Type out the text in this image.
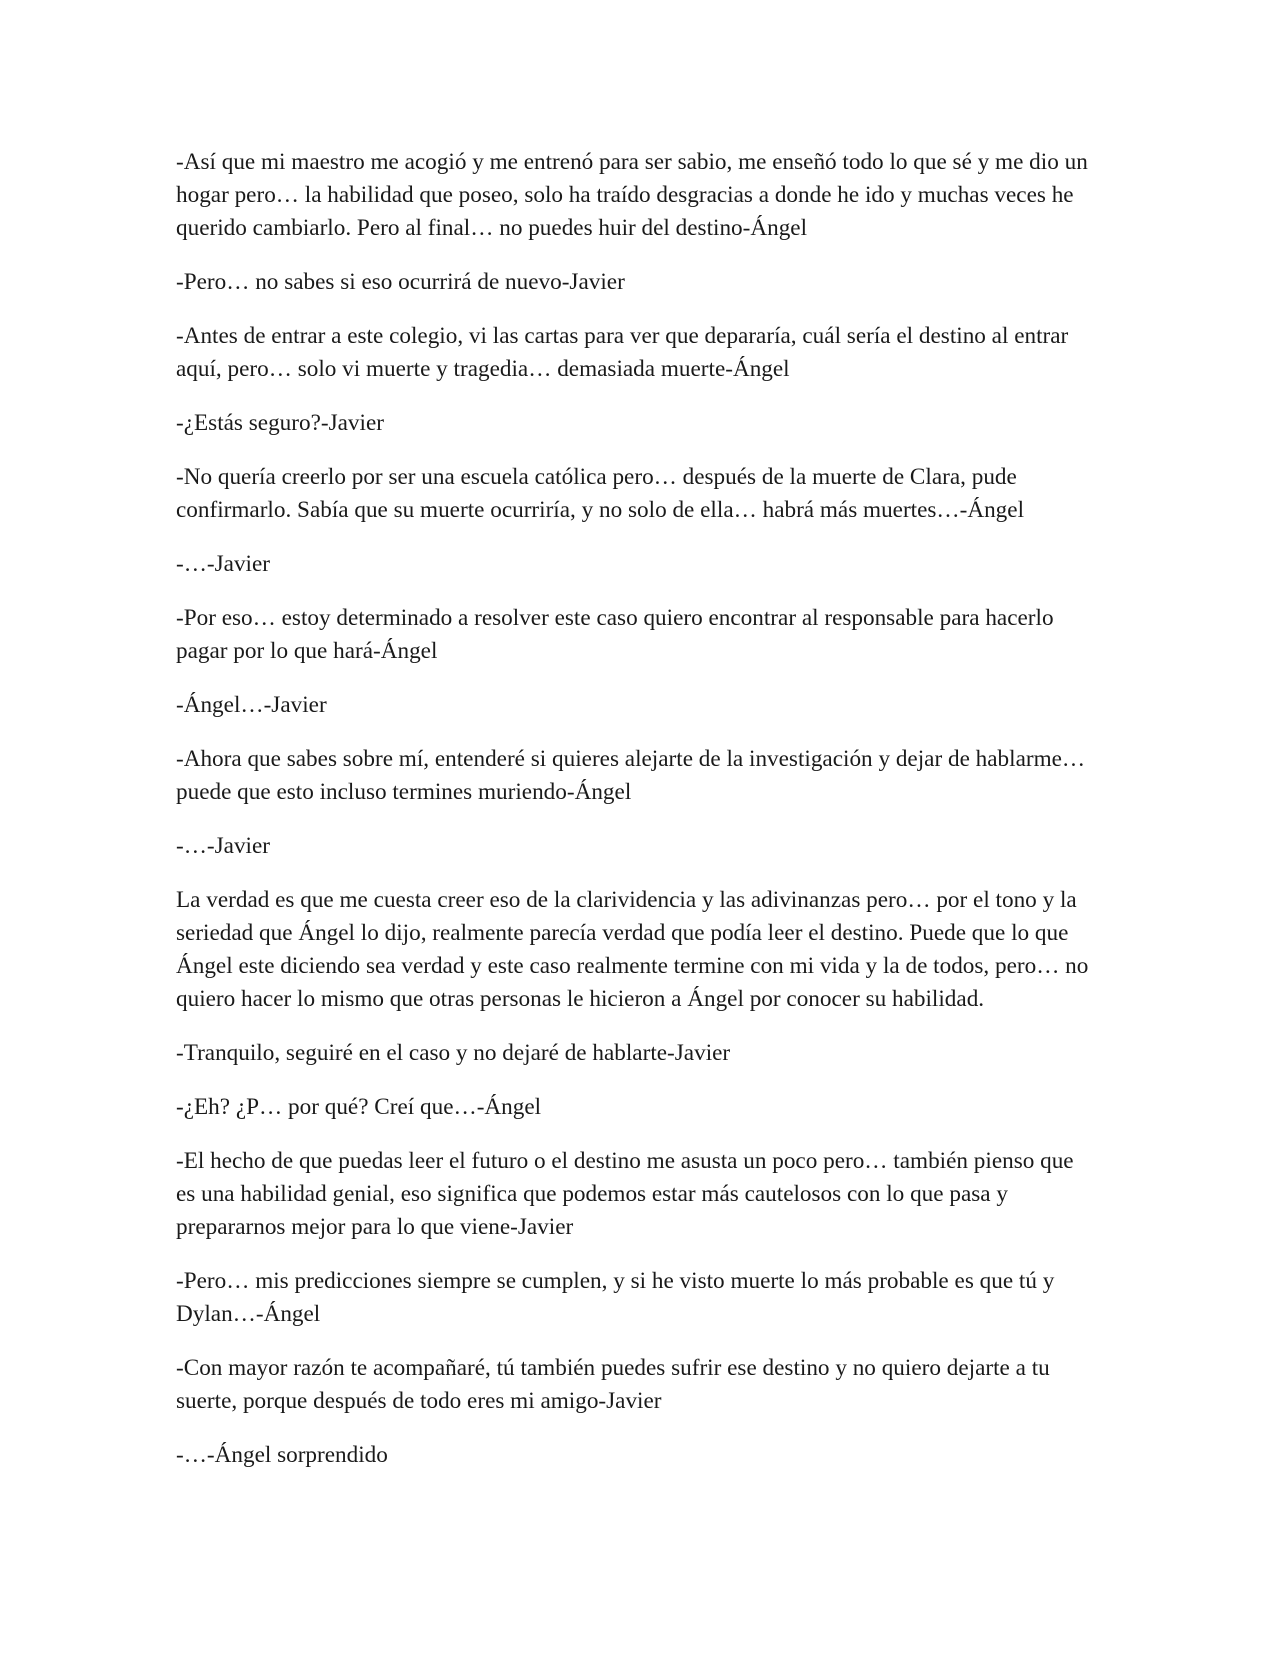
-Así que mi maestro me acogió y me entrenó para ser sabio, me enseñó todo lo que sé y me dio un hogar pero… la habilidad que poseo, solo ha traído desgracias a donde he ido y muchas veces he querido cambiarlo. Pero al final… no puedes huir del destino-Ángel

-Pero… no sabes si eso ocurrirá de nuevo-Javier

-Antes de entrar a este colegio, vi las cartas para ver que depararía, cuál sería el destino al entrar aquí, pero… solo vi muerte y tragedia… demasiada muerte-Ángel

-¿Estás seguro?-Javier

-No quería creerlo por ser una escuela católica pero… después de la muerte de Clara, pude confirmarlo. Sabía que su muerte ocurriría, y no solo de ella… habrá más muertes…-Ángel

-…-Javier

-Por eso… estoy determinado a resolver este caso quiero encontrar al responsable para hacerlo pagar por lo que hará-Ángel

-Ángel…-Javier

-Ahora que sabes sobre mí, entenderé si quieres alejarte de la investigación y dejar de hablarme… puede que esto incluso termines muriendo-Ángel

-…-Javier

La verdad es que me cuesta creer eso de la clarividencia y las adivinanzas pero… por el tono y la seriedad que Ángel lo dijo, realmente parecía verdad que podía leer el destino. Puede que lo que Ángel este diciendo sea verdad y este caso realmente termine con mi vida y la de todos, pero… no quiero hacer lo mismo que otras personas le hicieron a Ángel por conocer su habilidad.

-Tranquilo, seguiré en el caso y no dejaré de hablarte-Javier

-¿Eh? ¿P… por qué? Creí que…-Ángel

-El hecho de que puedas leer el futuro o el destino me asusta un poco pero… también pienso que es una habilidad genial, eso significa que podemos estar más cautelosos con lo que pasa y prepararnos mejor para lo que viene-Javier

-Pero… mis predicciones siempre se cumplen, y si he visto muerte lo más probable es que tú y Dylan…-Ángel

-Con mayor razón te acompañaré, tú también puedes sufrir ese destino y no quiero dejarte a tu suerte, porque después de todo eres mi amigo-Javier

-…-Ángel sorprendido
